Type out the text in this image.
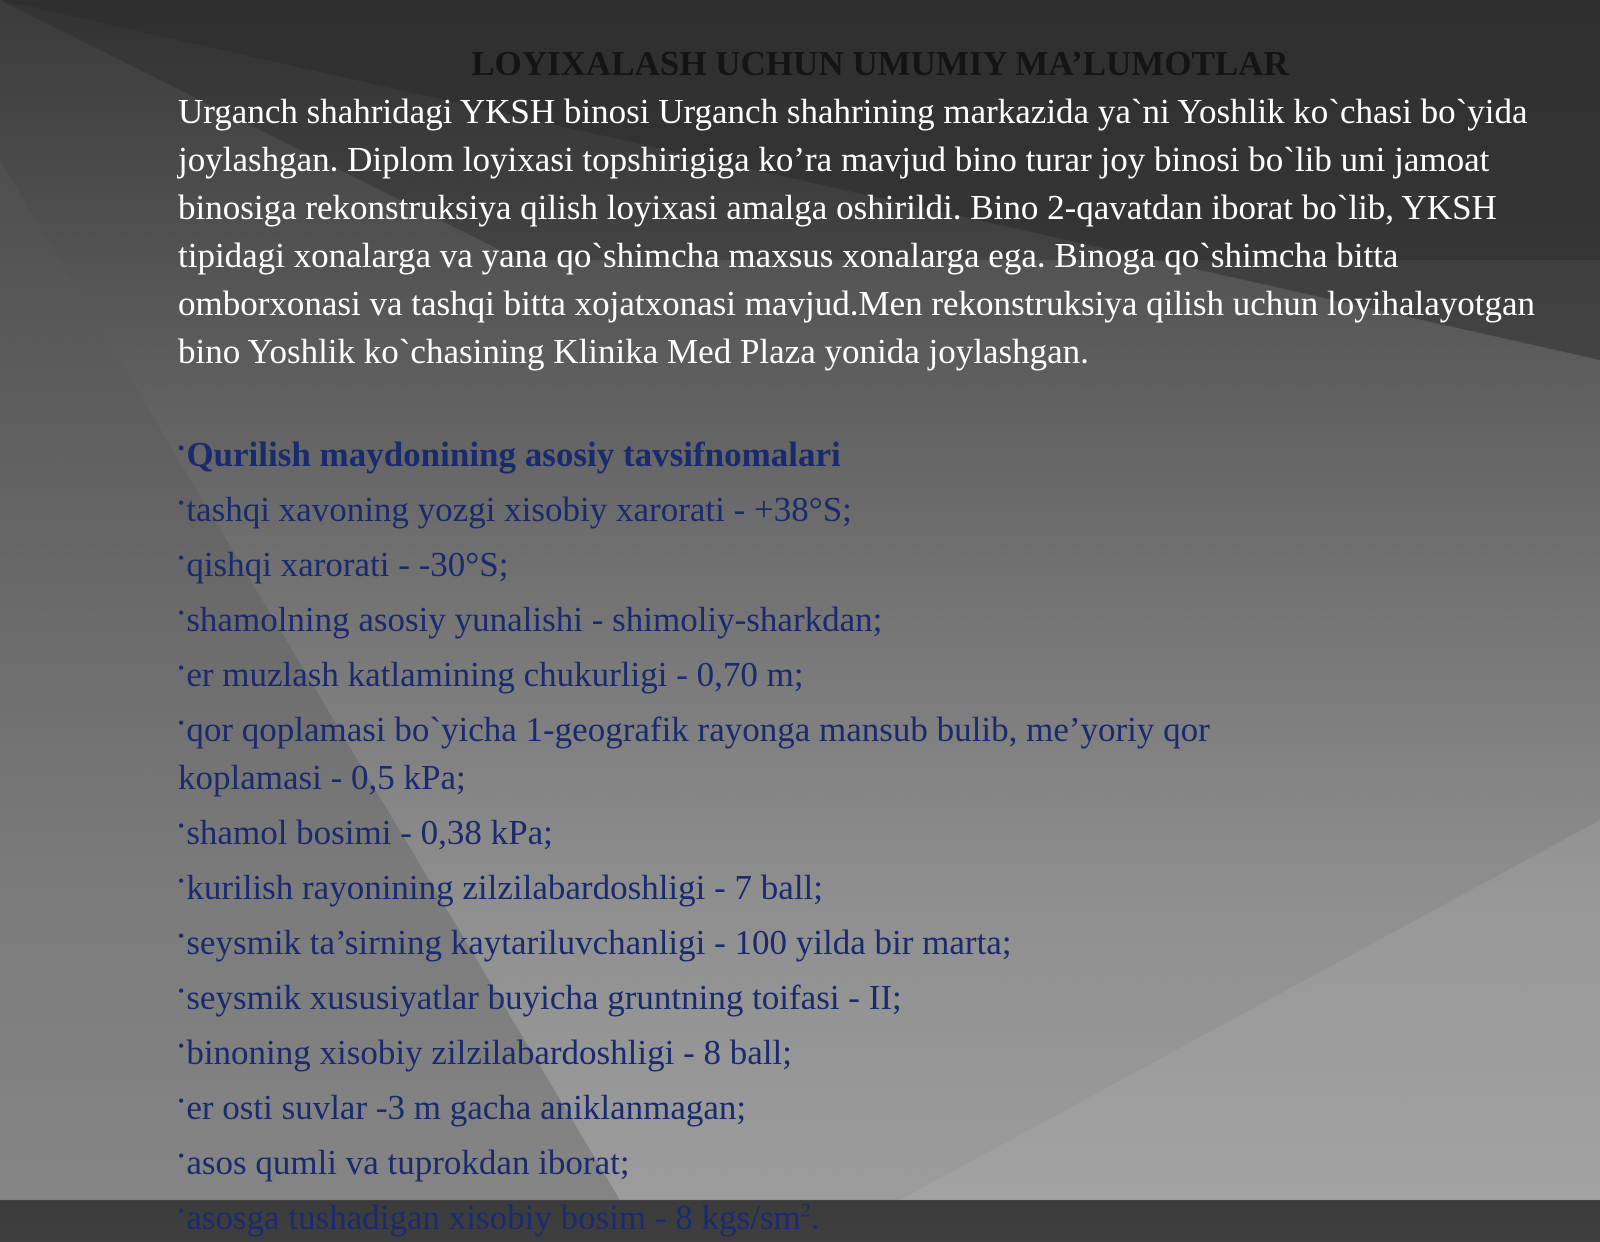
LOYIXALASH UCHUN UMUMIY MA’LUMOTLAR

Urganch shahridagi YKSH binosi Urganch shahrining markazida ya`ni Yoshlik ko`chasi bo`yida joylashgan. Diplom loyixasi topshirigiga ko’ra mavjud bino turar joy binosi bo`lib uni jamoat binosiga rekonstruksiya qilish loyixasi amalga oshirildi. Bino 2-qavatdan iborat bo`lib, YKSH tipidagi xonalarga va yana qo`shimcha maxsus xonalarga ega. Binoga qo`shimcha bitta omborxonasi va tashqi bitta xojatxonasi mavjud.Men rekonstruksiya qilish uchun loyihalayotgan bino Yoshlik ko`chasining Klinika Med Plaza yonida joylashgan.

•Qurilish maydonining asosiy tavsifnomalari
•tashqi xavoning yozgi xisobiy xarorati - +38°S;
•qishqi xarorati - -30°S;
•shamolning asosiy yunalishi - shimoliy-sharkdan;
•er muzlash katlamining chukurligi - 0,70 m;
•qor qoplamasi bo`yicha 1-geografik rayonga mansub bulib, me’yoriy qor koplamasi - 0,5 kPa;
•shamol bosimi - 0,38 kPa;
•kurilish rayonining zilzilabardoshligi - 7 ball;
•seysmik ta’sirning kaytariluvchanligi - 100 yilda bir marta;
•seysmik xususiyatlar buyicha gruntning toifasi - II;
•binoning xisobiy zilzilabardoshligi - 8 ball;
•er osti suvlar -3 m gacha aniklanmagan;
•asos qumli va tuprokdan iborat;
•asosga tushadigan xisobiy bosim - 8 kgs/$sm^2$.
